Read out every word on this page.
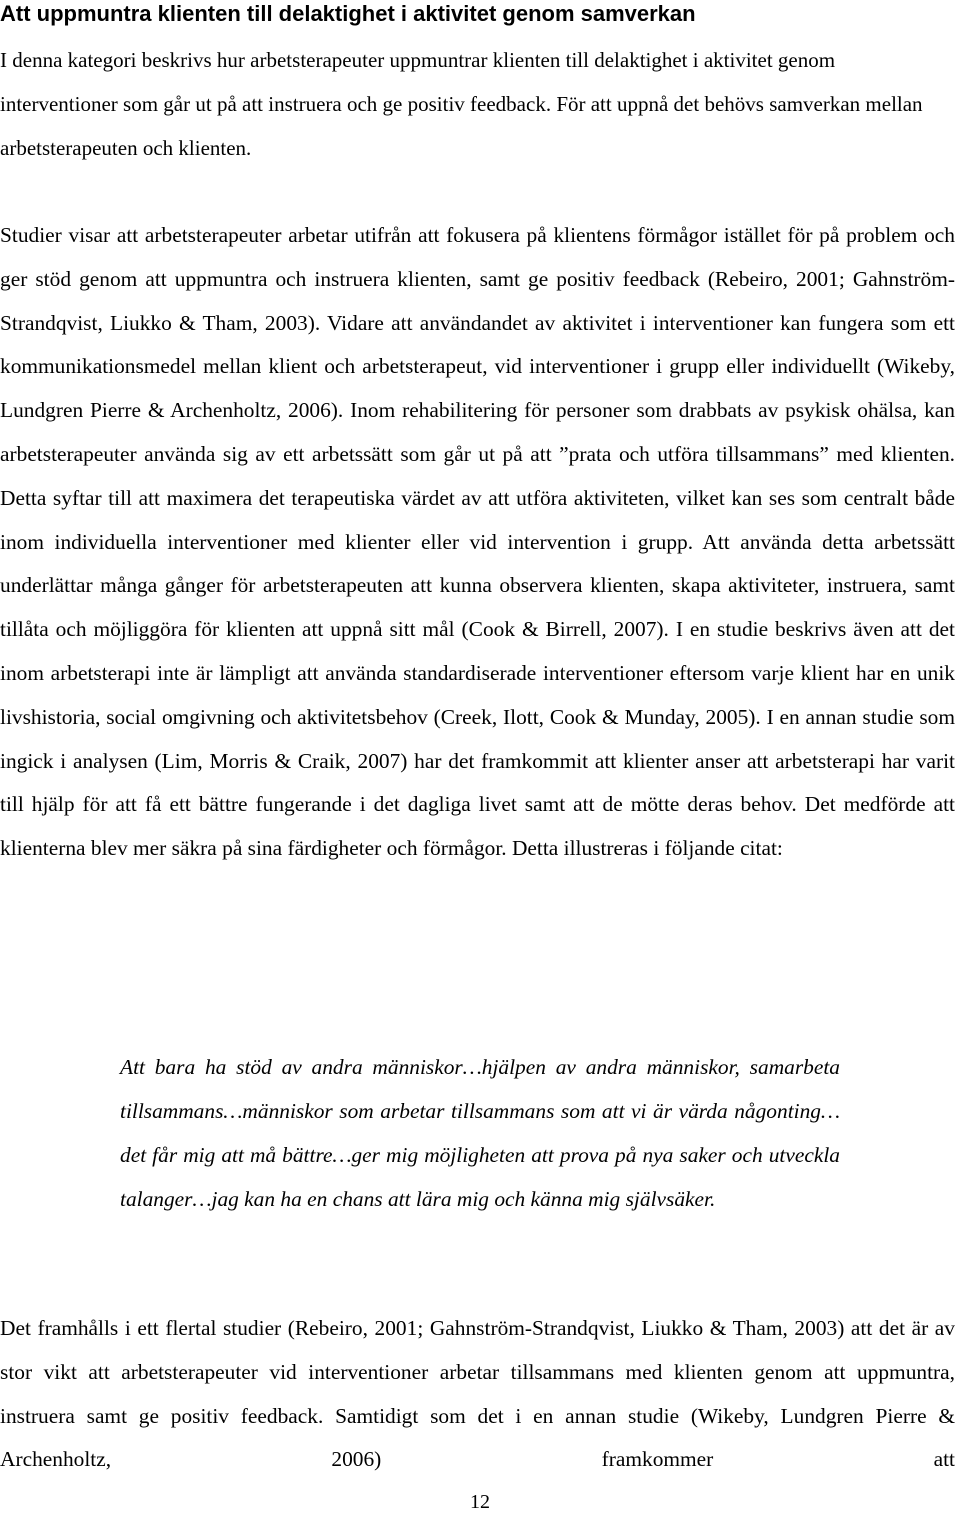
Att uppmuntra klienten till delaktighet i aktivitet genom samverkan

I denna kategori beskrivs hur arbetsterapeuter uppmuntrar klienten till delaktighet i aktivitet genom interventioner som går ut på att instruera och ge positiv feedback. För att uppnå det behövs samverkan mellan arbetsterapeuten och klienten.

Studier visar att arbetsterapeuter arbetar utifrån att fokusera på klientens förmågor istället för på problem och ger stöd genom att uppmuntra och instruera klienten, samt ge positiv feedback (Rebeiro, 2001; Gahnström-Strandqvist, Liukko & Tham, 2003). Vidare att användandet av aktivitet i interventioner kan fungera som ett kommunikationsmedel mellan klient och arbetsterapeut, vid interventioner i grupp eller individuellt (Wikeby, Lundgren Pierre & Archenholtz, 2006). Inom rehabilitering för personer som drabbats av psykisk ohälsa, kan arbetsterapeuter använda sig av ett arbetssätt som går ut på att ”prata och utföra tillsammans” med klienten. Detta syftar till att maximera det terapeutiska värdet av att utföra aktiviteten, vilket kan ses som centralt både inom individuella interventioner med klienter eller vid intervention i grupp. Att använda detta arbetssätt underlättar många gånger för arbetsterapeuten att kunna observera klienten, skapa aktiviteter, instruera, samt tillåta och möjliggöra för klienten att uppnå sitt mål (Cook & Birrell, 2007). I en studie beskrivs även att det inom arbetsterapi inte är lämpligt att använda standardiserade interventioner eftersom varje klient har en unik livshistoria, social omgivning och aktivitetsbehov (Creek, Ilott, Cook & Munday, 2005). I en annan studie som ingick i analysen (Lim, Morris & Craik, 2007) har det framkommit att klienter anser att arbetsterapi har varit till hjälp för att få ett bättre fungerande i det dagliga livet samt att de mötte deras behov. Det medförde att klienterna blev mer säkra på sina färdigheter och förmågor. Detta illustreras i följande citat:

Att bara ha stöd av andra människor…hjälpen av andra människor, samarbeta tillsammans…människor som arbetar tillsammans som att vi är värda någonting…det får mig att må bättre…ger mig möjligheten att prova på nya saker och utveckla talanger…jag kan ha en chans att lära mig och känna mig självsäker.

Det framhålls i ett flertal studier (Rebeiro, 2001; Gahnström-Strandqvist, Liukko & Tham, 2003) att det är av stor vikt att arbetsterapeuter vid interventioner arbetar tillsammans med klienten genom att uppmuntra, instruera samt ge positiv feedback. Samtidigt som det i en annan studie (Wikeby, Lundgren Pierre & Archenholtz, 2006) framkommer att

12
